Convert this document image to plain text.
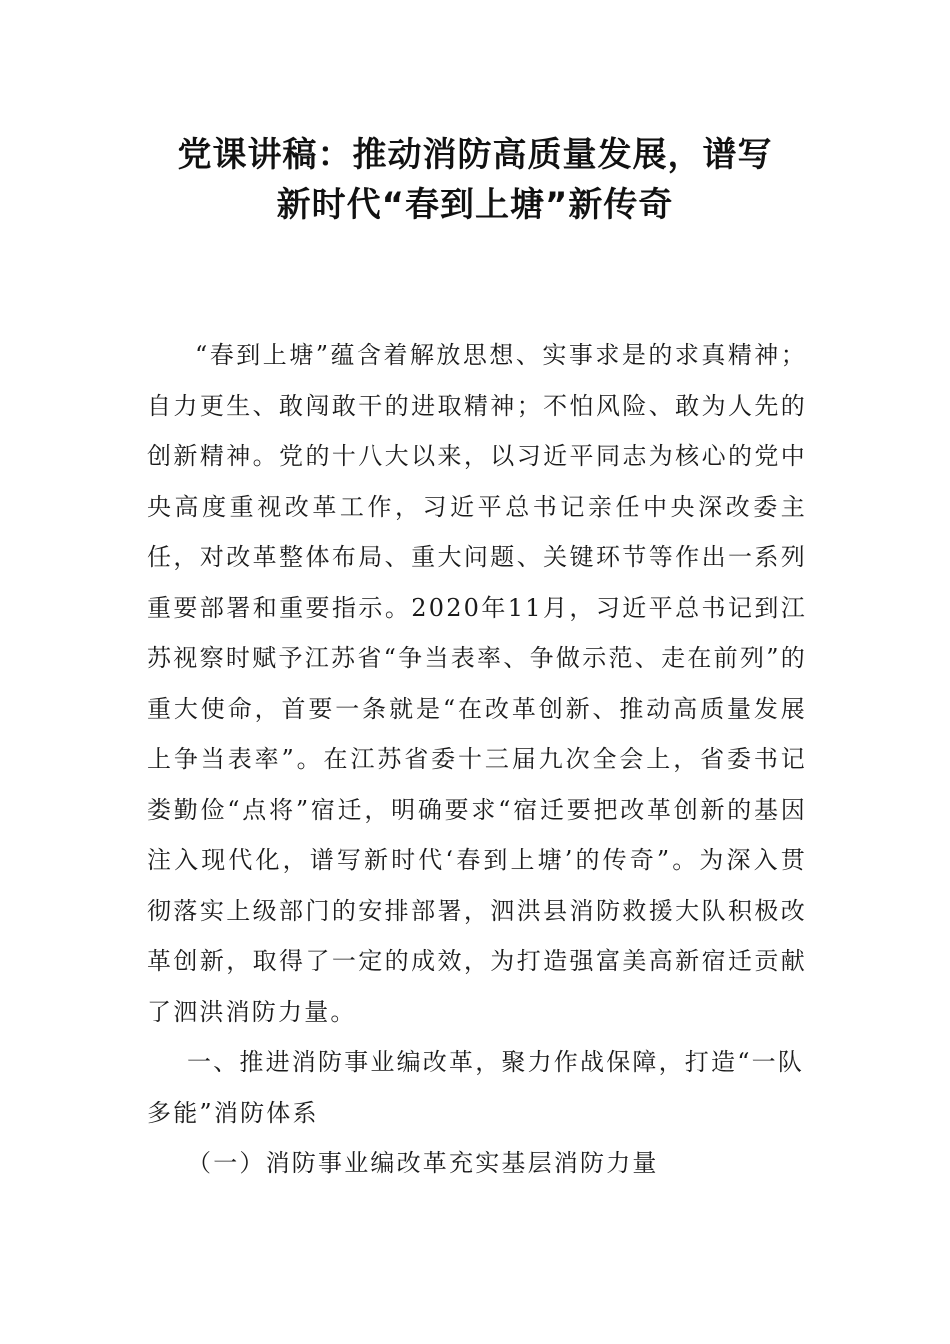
党课讲稿：推动消防高质量发展，谱写
新时代“春到上塘”新传奇

“春到上塘”蕴含着解放思想、实事求是的求真精神；自力更生、敢闯敢干的进取精神；不怕风险、敢为人先的创新精神。党的十八大以来，以习近平同志为核心的党中央高度重视改革工作，习近平总书记亲任中央深改委主任，对改革整体布局、重大问题、关键环节等作出一系列重要部署和重要指示。2020年11月，习近平总书记到江苏视察时赋予江苏省“争当表率、争做示范、走在前列”的重大使命，首要一条就是“在改革创新、推动高质量发展上争当表率”。在江苏省委十三届九次全会上，省委书记娄勤俭“点将”宿迁，明确要求“宿迁要把改革创新的基因注入现代化，谱写新时代‘春到上塘’的传奇”。为深入贯彻落实上级部门的安排部署，泗洪县消防救援大队积极改革创新，取得了一定的成效，为打造强富美高新宿迁贡献了泗洪消防力量。

一、推进消防事业编改革，聚力作战保障，打造“一队多能”消防体系

（一）消防事业编改革充实基层消防力量
